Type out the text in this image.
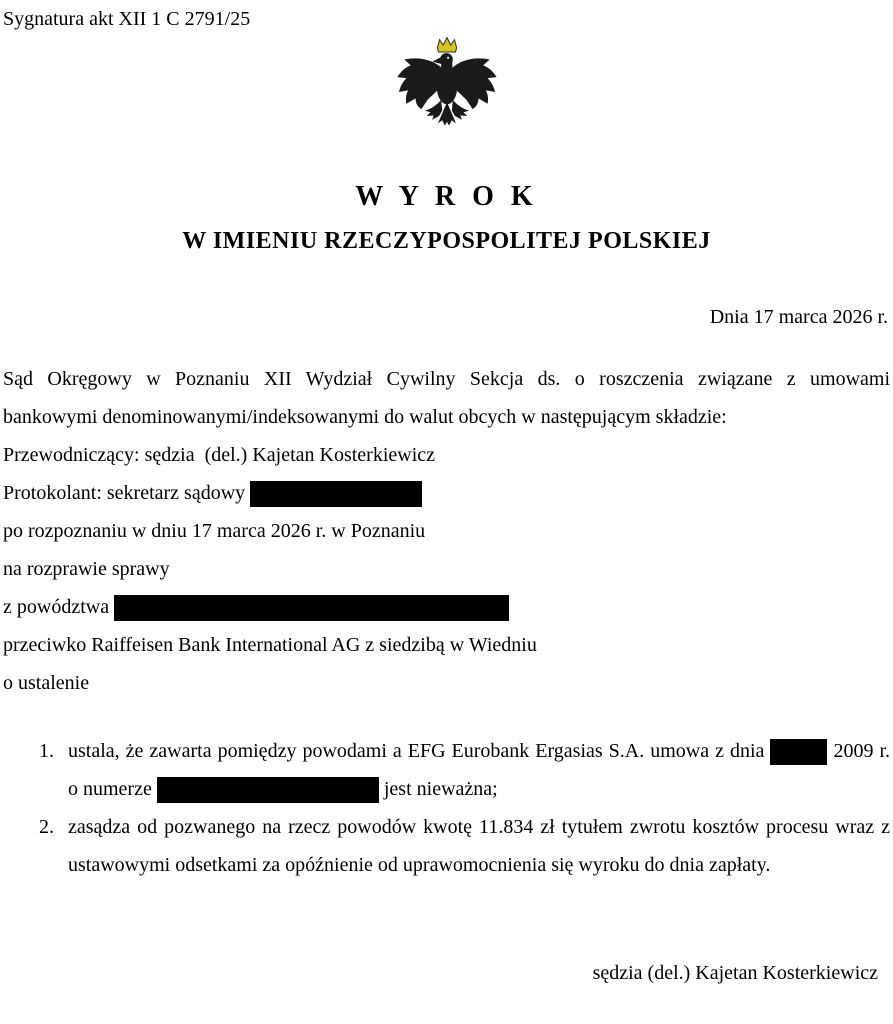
Sygnatura akt XII 1 C 2791/25
W Y R O K
W IMIENIU RZECZYPOSPOLITEJ POLSKIEJ
Dnia 17 marca 2026 r.
Sąd Okręgowy w Poznaniu XII Wydział Cywilny Sekcja ds. o roszczenia związane z umowami
bankowymi denominowanymi/indeksowanymi do walut obcych w następującym składzie:
Przewodniczący: sędzia  (del.) Kajetan Kosterkiewicz
Protokolant: sekretarz sądowy
po rozpoznaniu w dniu 17 marca 2026 r. w Poznaniu
na rozprawie sprawy
z powództwa
przeciwko Raiffeisen Bank International AG z siedzibą w Wiedniu
o ustalenie
1. ustala, że zawarta pomiędzy powodami a EFG Eurobank Ergasias S.A. umowa z dnia	2009 r.
o numerze	jest nieważna;
2. zasądza od pozwanego na rzecz powodów kwotę 11.834 zł tytułem zwrotu kosztów procesu wraz z
ustawowymi odsetkami za opóźnienie od uprawomocnienia się wyroku do dnia zapłaty.
sędzia (del.) Kajetan Kosterkiewicz
